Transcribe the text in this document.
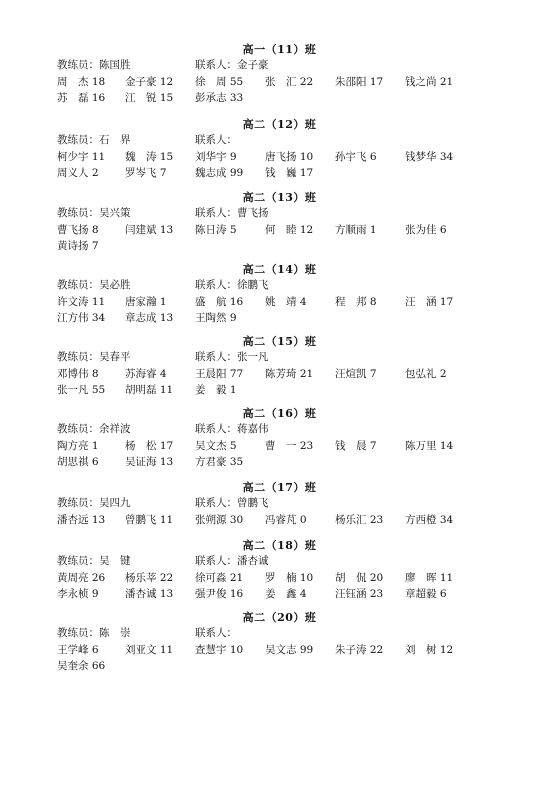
高一（11）班
教练员：陈国胜	联系人：金子豪
周　杰 18 金子豪 12 徐　周 55 张　汇 22 朱邵阳 17 钱之尚 21
苏　磊 16 江　锐 15 彭承志 33
高二（12）班
教练员：石　界	联系人：
柯少宇 11 魏　涛 15 刘华宇 9	唐飞扬 10 孙宇飞 6	钱梦华 34
周义人 2	罗岑飞 7	魏志成 99 钱　巍 17
高二（13）班
教练员：吴兴策	联系人：曹飞扬
曹飞扬 8	闫建斌 13 陈日涛 5	何　睦 12 方顺雨 1	张为佳 6
黄诗扬 7
高二（14）班
教练员：吴必胜	联系人：徐鹏飞
许文涛 11 唐家瀚 1	盛　航 16 姚　靖 4	程　邦 8	汪　涵 17
江方伟 34 章志成 13 王陶然 9
高二（15）班
教练员：吴春平	联系人：张一凡
邓博伟 8	苏海睿 4	王晨阳 77 陈芳琦 21 汪煊凯 7	包弘礼 2
张一凡 55 胡明磊 11 姜　毅 1
高二（16）班
教练员：余祥波	联系人：蒋嘉伟
陶方亮 1	杨　松 17 吴文杰 5	曹　一 23 钱　晨 7	陈万里 14
胡思祺 6	吴证海 13 方君豪 35
高二（17）班
教练员：吴四九	联系人：曾鹏飞
潘杏远 13 曾鹏飞 11 张朔源 30 冯睿芃 0	杨乐汇 23 方西橙 34
高二（18）班
教练员：吴　键	联系人：潘杏诚
黄周亮 26 杨乐莘 22 徐可淼 21 罗　楠 10 胡　侃 20 廖　晖 11
李永桢 9	潘杏诚 13 强尹俊 16 姜　鑫 4	汪钰涵 23 章超毅 6
高二（20）班
教练员：陈　崇	联系人：
王学峰 6	刘亚文 11 查慧宇 10 吴文志 99 朱子涛 22 刘　树 12
吴奎余 66
